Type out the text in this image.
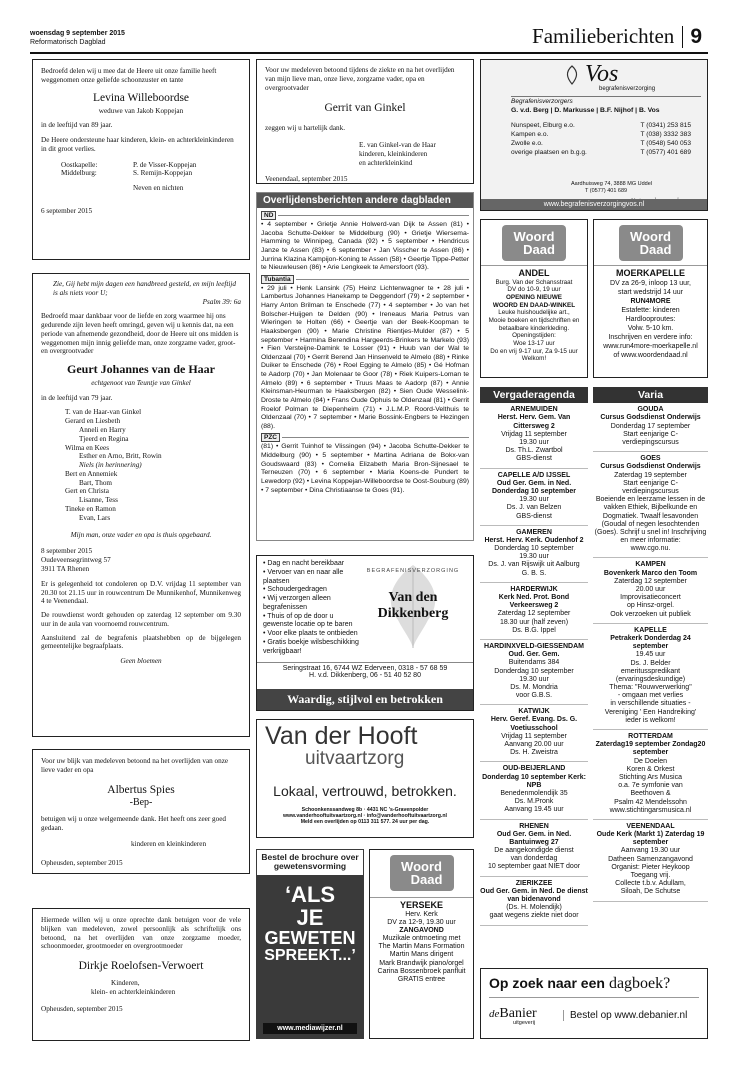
woensdag 9 september 2015
Reformatorisch Dagblad	Familieberichten 9
Bedroefd delen wij u mee dat de Heere uit onze familie heeft weggenomen onze geliefde schoonzuster en tante
Levina Willeboordse
weduwe van Jakob Koppejan
in de leeftijd van 89 jaar.
De Heere ondersteune haar kinderen, klein- en achterkleinkinderen in dit groot verlies.
Oostkapelle:	P. de Visser-Koppejan
Middelburg:	S. Remijn-Koppejan
Neven en nichten
6 september 2015
Zie, Gij hebt mijn dagen een handbreed gesteld, en mijn leeftijd is als niets voor U;
Psalm 39: 6a
Bedroefd maar dankbaar voor de liefde en zorg waarmee hij ons gedurende zijn leven heeft omringd, geven wij u kennis dat, na een periode van afnemende gezondheid, door de Heere uit ons midden is weggenomen mijn innig geliefde man, onze zorgzame vader, groot- en overgrootvader
Geurt Johannes van de Haar
echtgenoot van Teuntje van Ginkel
in de leeftijd van 79 jaar.
T. van de Haar-van Ginkel
Gerard en Liesbeth
Anneli en Harry
Tjeerd en Regina
Wilma en Kees
Esther en Arno, Britt, Rowin
Niels (in herinnering)
Bert en Annemiek
Bart, Thom
Gert en Christa
Lisanne, Tess
Tineke en Ramon
Evan, Lars
Mijn man, onze vader en opa is thuis opgebaard.
8 september 2015
Oudeveensegrintweg 57
3911 TA Rhenen
Er is gelegenheid tot condoleren op D.V. vrijdag 11 september van 20.30 tot 21.15 uur in rouwcentrum De Munnikenhof, Munnikenweg 4 te Veenendaal.
De rouwdienst wordt gehouden op zaterdag 12 september om 9.30 uur in de aula van voornoemd rouwcentrum.
Aansluitend zal de begrafenis plaatshebben op de bijgelegen gemeentelijke begraafplaats.
Geen bloemen
Voor uw blijk van medeleven betoond na het overlijden van onze lieve vader en opa
Albertus Spies
-Bep-
betuigen wij u onze welgemeende dank. Het heeft ons zeer goed gedaan.
kinderen en kleinkinderen
Opheusden, september 2015
Hiermede willen wij u onze oprechte dank betuigen voor de vele blijken van medeleven, zowel persoonlijk als schriftelijk ons betoond, na het overlijden van onze zorgzame moeder, schoonmoeder, grootmoeder en overgrootmoeder
Dirkje Roelofsen-Verwoert
Kinderen,
klein- en achterkleinkinderen
Opheusden, september 2015
Voor uw medeleven betoond tijdens de ziekte en na het overlijden van mijn lieve man, onze lieve, zorgzame vader, opa en overgrootvader
Gerrit van Ginkel
zeggen wij u hartelijk dank.
E. van Ginkel-van de Haar
kinderen, kleinkinderen
en achterkleinkind
Veenendaal, september 2015
Overlijdensberichten andere dagbladen
ND
• 4 september • Grietje Annie Holwerd-van Dijk te Assen (81) • Jacoba Schutte-Dekker te Middelburg (90) • Grietje Wiersema-Hamming te Winnipeg, Canada (92) • 5 september • Hendricus Janze te Assen (83) • 6 september • Jan Visscher te Assen (86) • Jurrina Klazina Kampijon-Koning te Assen (58) • Geertje Tippe-Petter te Nieuwleusen (86) • Arie Lengkeek te Amersfoort (93).
Tubantia
• 29 juli • Henk Lansink (75) Heinz Lichtenwagner te • 28 juli • Lambertus Johannes Hanekamp te Deggendorf (79) • 2 september • Harry Anton Brilman te Enschede (77) • 4 september • Jo van het Bolscher-Huijgen te Delden (90) • Ireneaus Maria Petrus van Wieringen te Holten (66) • Geertje van der Beek-Koopman te Haaksbergen (90) • Marie Christine Rientjes-Mulder (87) • 5 september • Harmina Berendina Hargeerds-Brinkers te Markelo (93) • Fien Versteijne-Damink te Losser (91) • Huub van der Wal te Oldenzaal (70) • Gerrit Berend Jan Hinsenveld te Almelo (88) • Rinke Duiker te Enschede (76) • Roel Egging te Almelo (85) • Gé Hofman te Aadorp (70) • Jan Molenaar te Goor (78) • Riek Kuipers-Loman te Almelo (89) • 6 september • Truus Maas te Aadorp (87) • Annie Kleinsman-Heurman te Haaksbergen (82) • Sien Oude Wesselink-Droste te Almelo (84) • Frans Oude Ophuis te Oldenzaal (81) • Gerrit Roelof Polman te Diepenheim (71) • J.L.M.P. Roord-Velthuis te Oldenzaal (70) • 7 september • Marie Bossink-Engbers te Hezingen (88).
PZC
(81) • Gerrit Tuinhof te Vlissingen (94) • Jacoba Schutte-Dekker te Middelburg (90) • 5 september • Martina Adriana de Bokx-van Goudswaard (83) • Cornelia Elizabeth Maria Bron-Sijnesael te Terneuzen (70) • 6 september • Maria Koens-de Pundert te Lewedorp (92) • Levina Koppejan-Willeboordse te Oost-Souburg (89) • 7 september • Dina Christiaanse te Goes (91).
• Dag en nacht bereikbaar
• Vervoer van en naar alle plaatsen
• Schoudergedragen
• Wij verzorgen alleen begrafenissen
• Thuis of op de door u gewenste locatie op te baren
• Voor elke plaats te ontbieden
• Gratis boekje wilsbeschikking verkrijgbaar!
BEGRAFENISVERZORGING
Van den Dikkenberg
Seringstraat 16, 6744 WZ Ederveen, 0318 - 57 68 59
H. v.d. Dikkenberg, 06 - 51 40 52 80
Waardig, stijlvol en betrokken
Van der Hooft
uitvaartzorg
Lokaal, vertrouwd, betrokken.
Schoonkenssandweg 8b · 4431 NC 's-Gravenpolder
www.vanderhooftuitvaartzorg.nl · info@vanderhooftuitvaartzorg.nl
Meld een overlijden op 0113 311 577. 24 uur per dag.
Bestel de brochure over gewetensvorming
‘ALS
JE
GEWETEN
SPREEKT...’
www.mediawijzer.nl
Woord
Daad
YERSEKE
Herv. Kerk
DV za 12-9, 19.30 uur
ZANGAVOND
Muzikale ontmoeting met
The Martin Mans Formation
Martin Mans dirigent
Mark Brandwijk piano/orgel
Carina Bossenbroek panfluit
GRATIS entree
Vos
begrafenisverzorging
Begrafenisverzorgers
G. v.d. Berg | D. Markusse | B.F. Nijhof | B. Vos
Nunspeet, Elburg e.o.	T (0341) 253 815
Kampen e.o.	T (038) 3332 383
Zwolle e.o.	T (0548) 540 053
overige plaatsen en b.g.g.	T (0577) 401 689
Aardhuisweg 74, 3888 MG Uddel
T (0577) 401 689
www.begrafenisverzorgingvos.nl
Woord
Daad
ANDEL
Burg. Van der Schansstraat
DV do 10-9, 19 uur
OPENING NIEUWE
WOORD EN DAAD-WINKEL
Leuke huishoudelijke art.,
Mooie boeken en tijdschriften en
betaalbare kinderkleding.
Openingstijden:
Woe 13-17 uur
Do en vrij 9-17 uur, Za 9-15 uur
Welkom!
Woord
Daad
MOERKAPELLE
DV za 26-9, inloop 13 uur,
start wedstrijd 14 uur
RUN4MORE
Estafette: kinderen
Hardlooproutes:
Volw. 5-10 km.
Inschrijven en verdere info:
www.run4more-moerkapelle.nl
of www.woordendaad.nl
Vergaderagenda
ARNEMUIDEN
Herst. Herv. Gem. Van Cittersweg 2
Vrijdag 11 september
19.30 uur
Ds. Th.L. Zwartbol
GBS-dienst
CAPELLE A/D IJSSEL
Oud Ger. Gem. in Ned. Donderdag 10 september
19.30 uur
Ds. J. van Belzen
GBS-dienst
GAMEREN
Herst. Herv. Kerk. Oudenhof 2
Donderdag 10 september
19.30 uur
Ds. J. van Rijswijk uit Aalburg
G. B. S.
HARDERWIJK
Kerk Ned. Prot. Bond Verkeersweg 2
Zaterdag 12 september
18.30 uur (half zeven)
Ds. B.G. Ippel
HARDINXVELD-GIESSENDAM
Oud. Ger. Gem.
Buitendams 384
Donderdag 10 september
19.30 uur
Ds. M. Mondria
voor G.B.S.
KATWIJK
Herv. Geref. Evang. Ds. G. Voetiusschool
Vrijdag 11 september
Aanvang 20.00 uur
Ds. H. Zweistra
OUD-BEIJERLAND
Donderdag 10 september Kerk: NPB
Benedenmolendijk 35
Ds. M.Pronk
Aanvang 19.45 uur
RHENEN
Oud Ger. Gem. in Ned. Bantuinweg 27
De aangekondigde dienst
van donderdag
10 september gaat NIET door
ZIERIKZEE
Oud Ger. Gem. in Ned. De dienst van bidenavond
(Ds. H. Molendijk)
gaat wegens ziekte niet door
Varia
GOUDA
Cursus Godsdienst Onderwijs
Donderdag 17 september
Start eenjarige C-
verdiepingscursus
GOES
Cursus Godsdienst Onderwijs
Zaterdag 19 september
Start eenjarige C-
verdiepingscursus
Boeiende en leerzame lessen in de vakken Ethiek, Bijbelkunde en Dogmatiek. Twaalf lesavonden (Goudal of negen lesochtenden (Goes). Schrijf u snel in! Inschrijving en meer informatie:
www.cgo.nu.
KAMPEN
Bovenkerk Marco den Toom
Zaterdag 12 september
20.00 uur
Improvisatieconcert
op Hinsz-orgel.
Ook verzoeken uit publiek
KAPELLE
Petrakerk Donderdag 24 september
19.45 uur
Ds. J. Belder
emeritusspredikant
(ervaringsdeskundige)
Thema: "Rouwverwerking"
- omgaan met verlies
in verschillende situaties -
Vereniging ' Een Handreiking'
ieder is welkom!
ROTTERDAM
Zaterdag19 september Zondag20 september
De Doelen
Koren & Orkest
Stichting Ars Musica
o.a. 7e symfonie van
Beethoven &
Psalm 42 Mendelssohn
www.stichtingarsmusica.nl
VEENENDAAL
Oude Kerk (Markt 1) Zaterdag 19 september
Aanvang 19.30 uur
Datheen Samenzangavond
Organist: Pieter Heykoop
Toegang vrij.
Collecte t.b.v. Adullam,
Siloah, De Schutse
Op zoek naar een dagboek?
deBanier
uitgeverij
Bestel op www.debanier.nl
